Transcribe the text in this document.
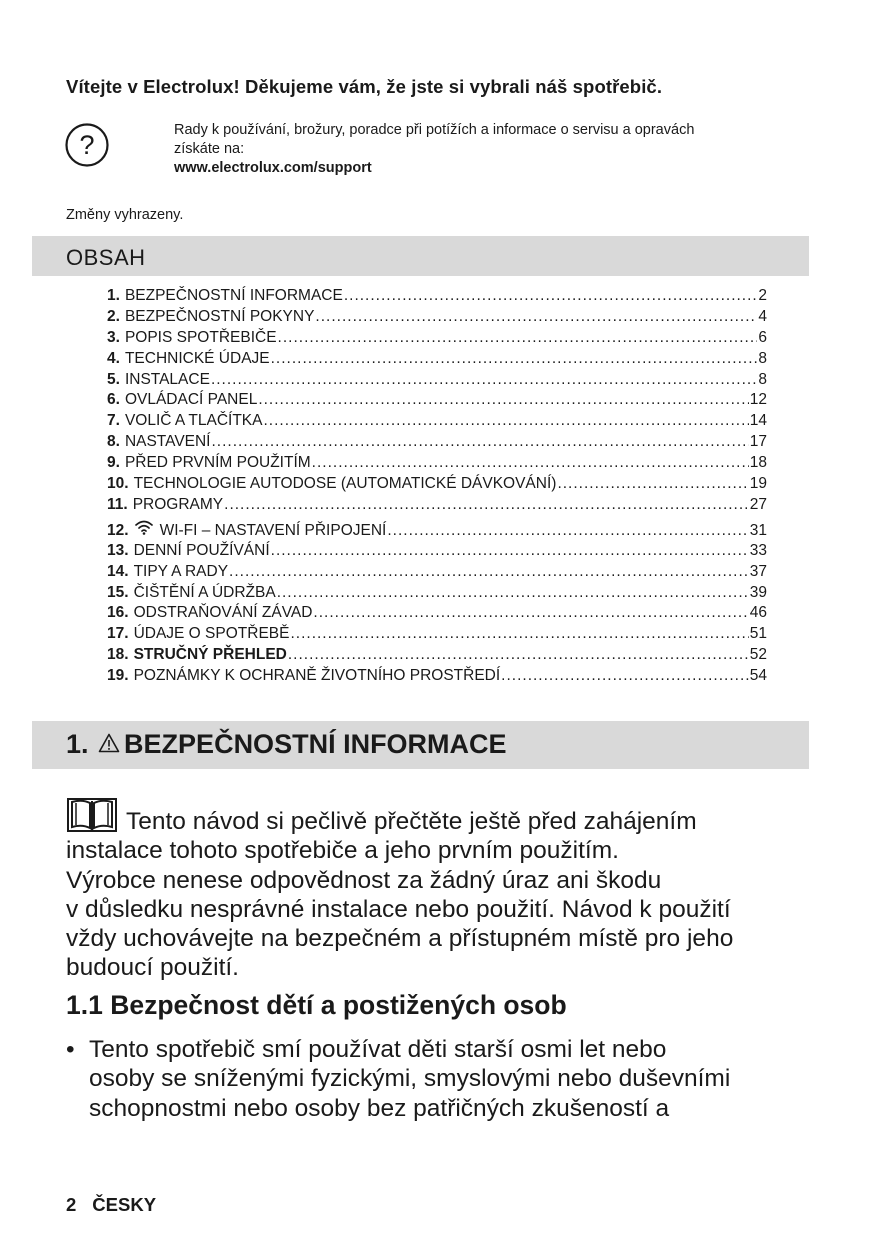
Vítejte v Electrolux! Děkujeme vám, že jste si vybrali náš spotřebič.
?	Rady k používání, brožury, poradce při potížích a informace o servisu a opravách
získáte na:
www.electrolux.com/support
Změny vyhrazeny.
OBSAH
1. BEZPEČNOSTNÍ INFORMACE .....	2
2. BEZPEČNOSTNÍ POKYNY .....	4
3. POPIS SPOTŘEBIČE .....	6
4. TECHNICKÉ ÚDAJE .....	8
5. INSTALACE .....	8
6. OVLÁDACÍ PANEL .....	12
7. VOLIČ A TLAČÍTKA .....	14
8. NASTAVENÍ .....	17
9. PŘED PRVNÍM POUŽITÍM .....	18
10. TECHNOLOGIE AUTODOSE (AUTOMATICKÉ DÁVKOVÁNÍ) .....	19
11. PROGRAMY .....	27
12. WI-FI – NASTAVENÍ PŘIPOJENÍ .....	31
13. DENNÍ POUŽÍVÁNÍ .....	33
14. TIPY A RADY .....	37
15. ČIŠTĚNÍ A ÚDRŽBA .....	39
16. ODSTRAŇOVÁNÍ ZÁVAD .....	46
17. ÚDAJE O SPOTŘEBĚ .....	51
18. STRUČNÝ PŘEHLED .....	52
19. POZNÁMKY K OCHRANĚ ŽIVOTNÍHO PROSTŘEDÍ .....	54
1. BEZPEČNOSTNÍ INFORMACE
Tento návod si pečlivě přečtěte ještě před zahájením
instalace tohoto spotřebiče a jeho prvním použitím.
Výrobce nenese odpovědnost za žádný úraz ani škodu
v důsledku nesprávné instalace nebo použití. Návod k použití
vždy uchovávejte na bezpečném a přístupném místě pro jeho
budoucí použití.
1.1 Bezpečnost dětí a postižených osob
• Tento spotřebič smí používat děti starší osmi let nebo
osoby se sníženými fyzickými, smyslovými nebo duševními
schopnostmi nebo osoby bez patřičných zkušeností a
2 ČESKY
